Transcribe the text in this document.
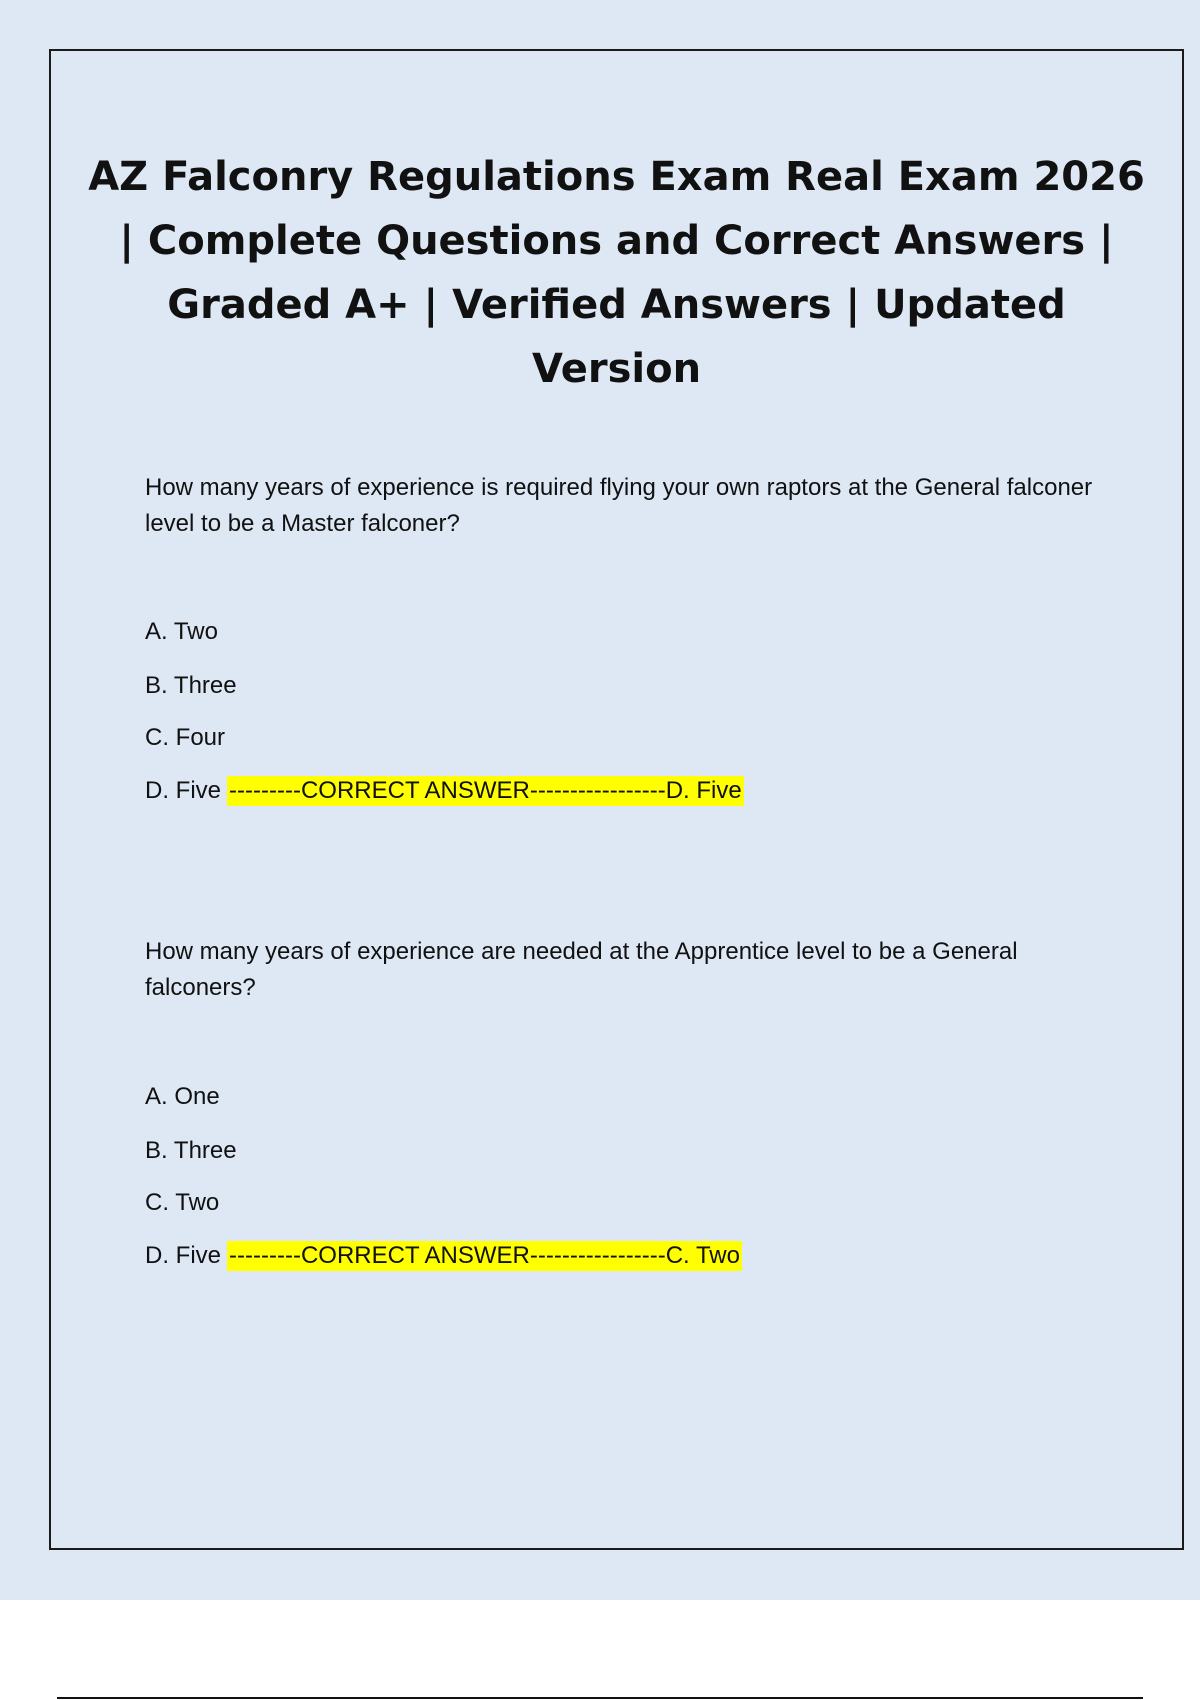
AZ Falconry Regulations Exam Real Exam 2026 | Complete Questions and Correct Answers | Graded A+ | Verified Answers | Updated Version

How many years of experience is required flying your own raptors at the General falconer level to be a Master falconer?

A. Two

B. Three

C. Four

D. Five ---------CORRECT ANSWER-----------------D. Five

How many years of experience are needed at the Apprentice level to be a General falconers?

A. One

B. Three

C. Two

D. Five ---------CORRECT ANSWER-----------------C. Two
